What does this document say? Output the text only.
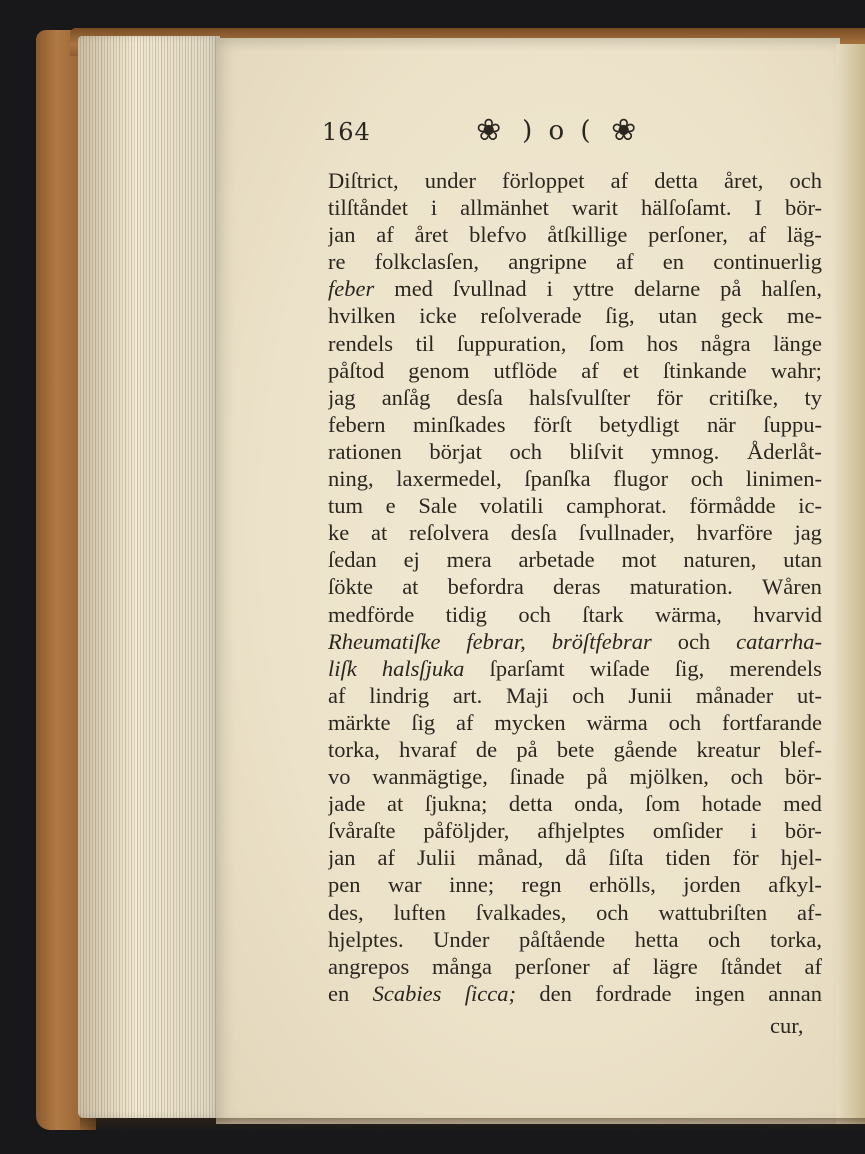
164	❀ ) o ( ❀
Diſtrict, under förloppet af detta året, och
tilſtåndet i allmänhet warit hälſoſamt. I bör-
jan af året blefvo åtſkillige perſoner, af läg-
re folkclasſen, angripne af en continuerlig
feber med ſvullnad i yttre delarne på halſen,
hvilken icke reſolverade ſig, utan geck me-
rendels til ſuppuration, ſom hos några länge
påſtod genom utflöde af et ſtinkande wahr;
jag anſåg desſa halsſvulſter för critiſke, ty
febern minſkades förſt betydligt när ſuppu-
rationen börjat och bliſvit ymnog. Åderlåt-
ning, laxermedel, ſpanſka flugor och linimen-
tum e Sale volatili camphorat. förmådde ic-
ke at reſolvera desſa ſvullnader, hvarföre jag
ſedan ej mera arbetade mot naturen, utan
ſökte at befordra deras maturation. Wåren
medförde tidig och ſtark wärma, hvarvid
Rheumatiſke febrar, bröſtfebrar och catarrha-
liſk halsſjuka ſparſamt wiſade ſig, merendels
af lindrig art. Maji och Junii månader ut-
märkte ſig af mycken wärma och fortfarande
torka, hvaraf de på bete gående kreatur blef-
vo wanmägtige, ſinade på mjölken, och bör-
jade at ſjukna; detta onda, ſom hotade med
ſvåraſte påföljder, afhjelptes omſider i bör-
jan af Julii månad, då ſiſta tiden för hjel-
pen war inne; regn erhölls, jorden afkyl-
des, luften ſvalkades, och wattubriſten af-
hjelptes. Under påſtående hetta och torka,
angrepos många perſoner af lägre ſtåndet af
en Scabies ſicca; den fordrade ingen annan
cur,
